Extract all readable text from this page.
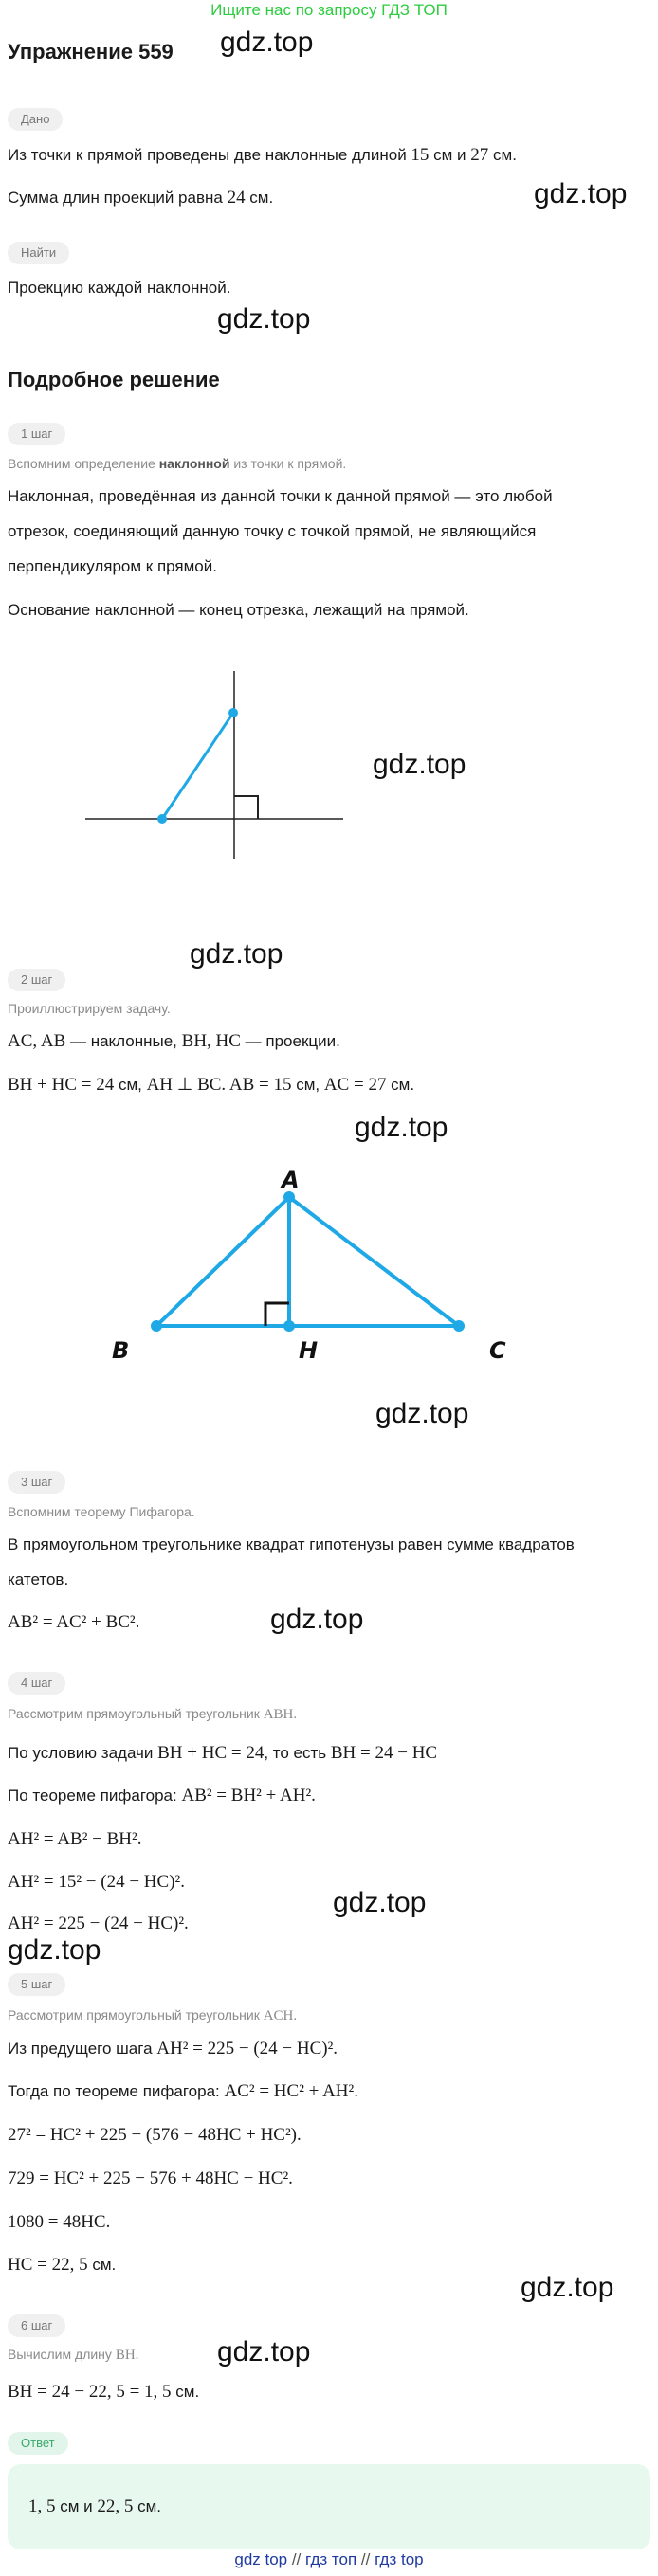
Ищите нас по запросу ГДЗ ТОП
Упражнение 559 gdz.top
gdz.top
gdz.top
gdz.top
gdz.top
gdz.top
gdz.top
gdz.top
gdz.top
gdz.top
gdz.top
gdz.top
Дано
Из точки к прямой проведены две наклонные длиной 15 см и 27 см.
Сумма длин проекций равна 24 см.
Найти
Проекцию каждой наклонной.
Подробное решение
1 шаг
Вспомним определение наклонной из точки к прямой.
Наклонная, проведённая из данной точки к данной прямой — это любой
отрезок, соединяющий данную точку с точкой прямой, не являющийся
перпендикуляром к прямой.
Основание наклонной — конец отрезка, лежащий на прямой.
2 шаг
Проиллюстрируем задачу.
AC, AB — наклонные, BH, HC — проекции.
BH + HC = 24 см, AH ⊥ BC. AB = 15 см, AC = 27 см.
A
B	H	C
3 шаг
Вспомним теорему Пифагора.
В прямоугольном треугольнике квадрат гипотенузы равен сумме квадратов
катетов.
AB² = AC² + BC².
4 шаг
Рассмотрим прямоугольный треугольник ABH.
По условию задачи BH + HC = 24, то есть BH = 24 − HC
По теореме пифагора: AB² = BH² + AH².
AH² = AB² − BH².
AH² = 15² − (24 − HC)².
AH² = 225 − (24 − HC)².
5 шаг
Рассмотрим прямоугольный треугольник ACH.
Из предущего шага AH² = 225 − (24 − HC)².
Тогда по теореме пифагора: AC² = HC² + AH².
27² = HC² + 225 − (576 − 48HC + HC²).
729 = HC² + 225 − 576 + 48HC − HC².
1080 = 48HC.
HC = 22, 5 см.
6 шаг
Вычислим длину BH.
BH = 24 − 22, 5 = 1, 5 см.
Ответ
1, 5 см и 22, 5 см.
gdz top // гдз топ // гдз top
